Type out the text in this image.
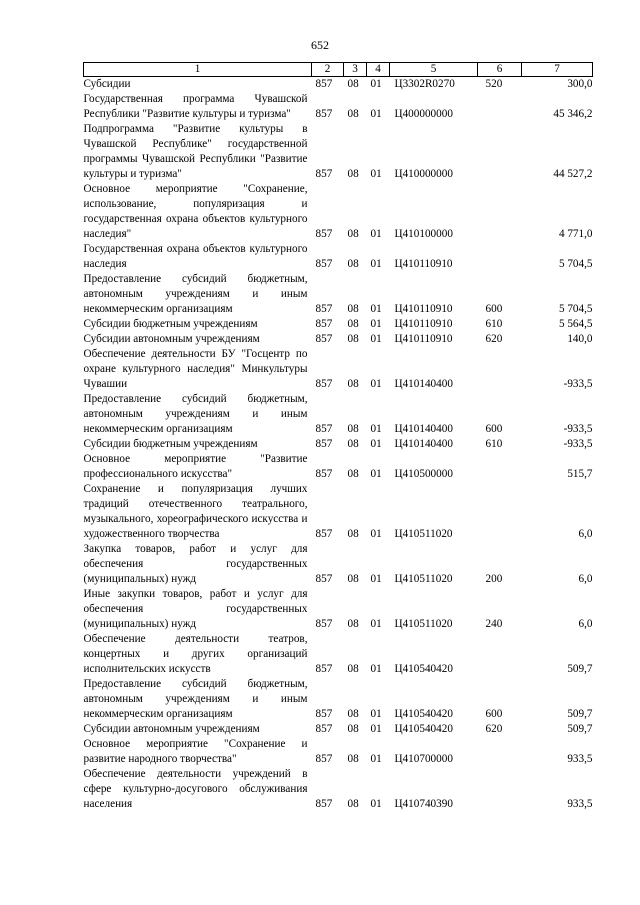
652
1	2	3	4	5	6	7
Субсидии	857	08	01	Ц3302R0270	520	300,0
Государственная программа Чувашской Республики "Развитие культуры и туризма"	857	08	01	Ц400000000		45 346,2
Подпрограмма "Развитие культуры в Чувашской Республике" государственной программы Чувашской Республики "Развитие культуры и туризма"	857	08	01	Ц410000000		44 527,2
Основное мероприятие "Сохранение, использование, популяризация и государственная охрана объектов культурного наследия"	857	08	01	Ц410100000		4 771,0
Государственная охрана объектов культурного наследия	857	08	01	Ц410110910		5 704,5
Предоставление субсидий бюджетным, автономным учреждениям и иным некоммерческим организациям	857	08	01	Ц410110910	600	5 704,5
Субсидии бюджетным учреждениям	857	08	01	Ц410110910	610	5 564,5
Субсидии автономным учреждениям	857	08	01	Ц410110910	620	140,0
Обеспечение деятельности БУ "Госцентр по охране культурного наследия" Минкультуры Чувашии	857	08	01	Ц410140400		-933,5
Предоставление субсидий бюджетным, автономным учреждениям и иным некоммерческим организациям	857	08	01	Ц410140400	600	-933,5
Субсидии бюджетным учреждениям	857	08	01	Ц410140400	610	-933,5
Основное мероприятие "Развитие профессионального искусства"	857	08	01	Ц410500000		515,7
Сохранение и популяризация лучших традиций отечественного театрального, музыкального, хореографического искусства и художественного творчества	857	08	01	Ц410511020		6,0
Закупка товаров, работ и услуг для обеспечения государственных (муниципальных) нужд	857	08	01	Ц410511020	200	6,0
Иные закупки товаров, работ и услуг для обеспечения государственных (муниципальных) нужд	857	08	01	Ц410511020	240	6,0
Обеспечение деятельности театров, концертных и других организаций исполнительских искусств	857	08	01	Ц410540420		509,7
Предоставление субсидий бюджетным, автономным учреждениям и иным некоммерческим организациям	857	08	01	Ц410540420	600	509,7
Субсидии автономным учреждениям	857	08	01	Ц410540420	620	509,7
Основное мероприятие "Сохранение и развитие народного творчества"	857	08	01	Ц410700000		933,5
Обеспечение деятельности учреждений в сфере культурно-досугового обслуживания населения	857	08	01	Ц410740390		933,5
